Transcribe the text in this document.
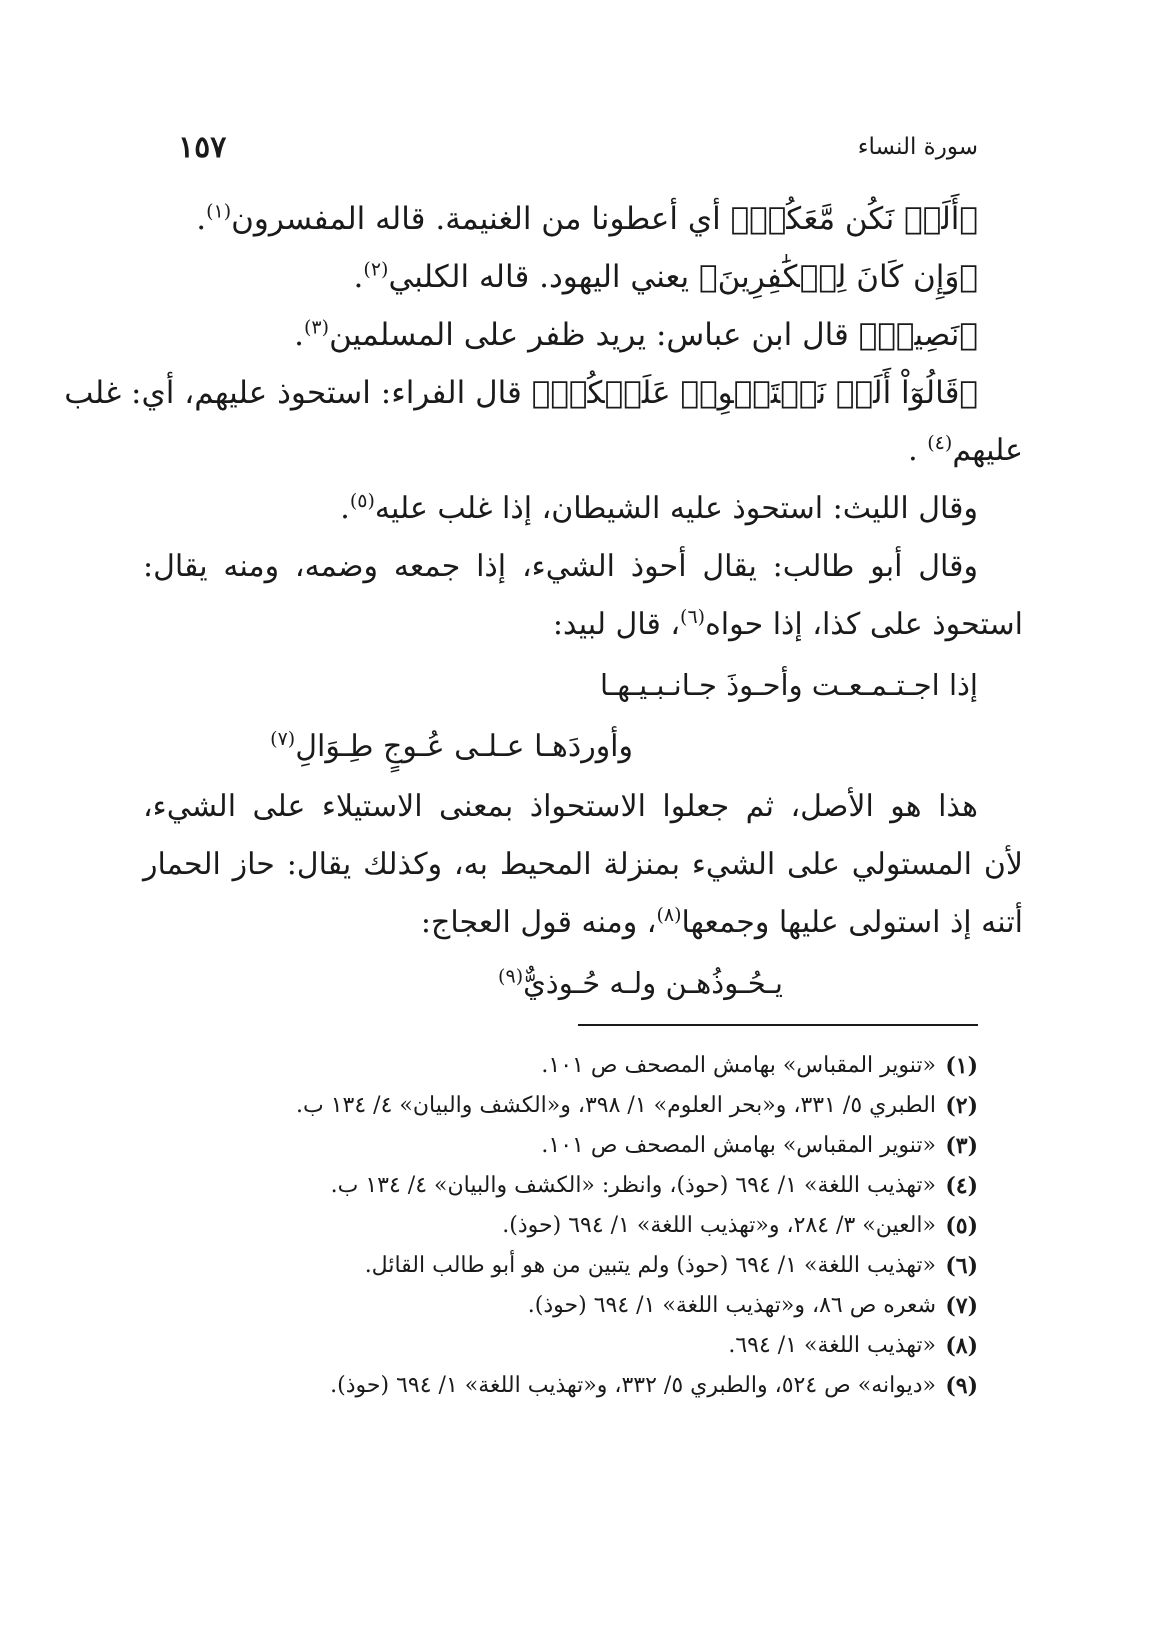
سورة النساء
١٥٧
﴿أَلَمۡ نَكُن مَّعَكُمۡ﴾ أي أعطونا من الغنيمة. قاله المفسرون$^{(١)}$.
﴿وَإِن كَانَ لِلۡكَٰفِرِينَ﴾ يعني اليهود. قاله الكلبي$^{(٢)}$.
﴿نَصِيبٞ﴾ قال ابن عباس: يريد ظفر على المسلمين$^{(٣)}$.
﴿قَالُوٓاْ أَلَمۡ نَسۡتَحۡوِذۡ عَلَيۡكُمۡ﴾ قال الفراء: استحوذ عليهم، أي: غلب
عليهم$^{(٤)}$ .
وقال الليث: استحوذ عليه الشيطان، إذا غلب عليه$^{(٥)}$.
وقال أبو طالب: يقال أحوذ الشيء، إذا جمعه وضمه، ومنه يقال:
استحوذ على كذا، إذا حواه$^{(٦)}$، قال لبيد:
إذا اجـتـمـعـت وأحـوذَ جـانـبـيـهـا
وأوردَهـا عـلـى عُـوجٍ طِـوَالِ$^{(٧)}$
هذا هو الأصل، ثم جعلوا الاستحواذ بمعنى الاستيلاء على الشيء،
لأن المستولي على الشيء بمنزلة المحيط به، وكذلك يقال: حاز الحمار
أتنه إذ استولى عليها وجمعها$^{(٨)}$، ومنه قول العجاج:
يـحُـوذُهـن ولـه حُـوذيٌّ$^{(٩)}$
(١)
«تنوير المقباس» بهامش المصحف ص ١٠١.
(٢)
الطبري ٥/ ٣٣١، و«بحر العلوم» ١/ ٣٩٨، و«الكشف والبيان» ٤/ ١٣٤ ب.
(٣)
«تنوير المقباس» بهامش المصحف ص ١٠١.
(٤)
«تهذيب اللغة» ١/ ٦٩٤ (حوذ)، وانظر: «الكشف والبيان» ٤/ ١٣٤ ب.
(٥)
«العين» ٣/ ٢٨٤، و«تهذيب اللغة» ١/ ٦٩٤ (حوذ).
(٦)
«تهذيب اللغة» ١/ ٦٩٤ (حوذ) ولم يتبين من هو أبو طالب القائل.
(٧)
شعره ص ٨٦، و«تهذيب اللغة» ١/ ٦٩٤ (حوذ).
(٨)
«تهذيب اللغة» ١/ ٦٩٤.
(٩)
«ديوانه» ص ٥٢٤، والطبري ٥/ ٣٣٢، و«تهذيب اللغة» ١/ ٦٩٤ (حوذ).
